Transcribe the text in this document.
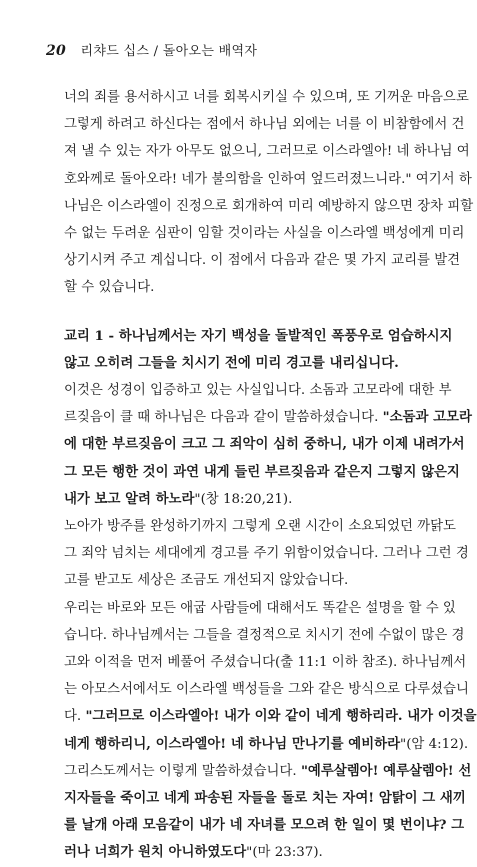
20 리챠드 십스 / 돌아오는 배역자
너의 죄를 용서하시고 너를 회복시키실 수 있으며, 또 기꺼운 마음으로
그렇게 하려고 하신다는 점에서 하나님 외에는 너를 이 비참함에서 건
져 낼 수 있는 자가 아무도 없으니, 그러므로 이스라엘아! 네 하나님 여
호와께로 돌아오라! 네가 불의함을 인하여 엎드러졌느니라." 여기서 하
나님은 이스라엘이 진정으로 회개하여 미리 예방하지 않으면 장차 피할
수 없는 두려운 심판이 임할 것이라는 사실을 이스라엘 백성에게 미리
상기시켜 주고 계십니다. 이 점에서 다음과 같은 몇 가지 교리를 발견
할 수 있습니다.
교리 1 - 하나님께서는 자기 백성을 돌발적인 폭풍우로 엄습하시지
않고 오히려 그들을 치시기 전에 미리 경고를 내리십니다.
이것은 성경이 입증하고 있는 사실입니다. 소돔과 고모라에 대한 부
르짖음이 클 때 하나님은 다음과 같이 말씀하셨습니다. "소돔과 고모라
에 대한 부르짖음이 크고 그 죄악이 심히 중하니, 내가 이제 내려가서
그 모든 행한 것이 과연 내게 들린 부르짖음과 같은지 그렇지 않은지
내가 보고 알려 하노라"(창 18:20,21).
노아가 방주를 완성하기까지 그렇게 오랜 시간이 소요되었던 까닭도
그 죄악 넘치는 세대에게 경고를 주기 위함이었습니다. 그러나 그런 경
고를 받고도 세상은 조금도 개선되지 않았습니다.
우리는 바로와 모든 애굽 사람들에 대해서도 똑같은 설명을 할 수 있
습니다. 하나님께서는 그들을 결정적으로 치시기 전에 수없이 많은 경
고와 이적을 먼저 베풀어 주셨습니다(출 11:1 이하 참조). 하나님께서
는 아모스서에서도 이스라엘 백성들을 그와 같은 방식으로 다루셨습니
다. "그러므로 이스라엘아! 내가 이와 같이 네게 행하리라. 내가 이것을
네게 행하리니, 이스라엘아! 네 하나님 만나기를 예비하라"(암 4:12).
그리스도께서는 이렇게 말씀하셨습니다. "예루살렘아! 예루살렘아! 선
지자들을 죽이고 네게 파송된 자들을 돌로 치는 자여! 암탉이 그 새끼
를 날개 아래 모음같이 내가 네 자녀를 모으려 한 일이 몇 번이냐? 그
러나 너희가 원치 아니하였도다"(마 23:37).
